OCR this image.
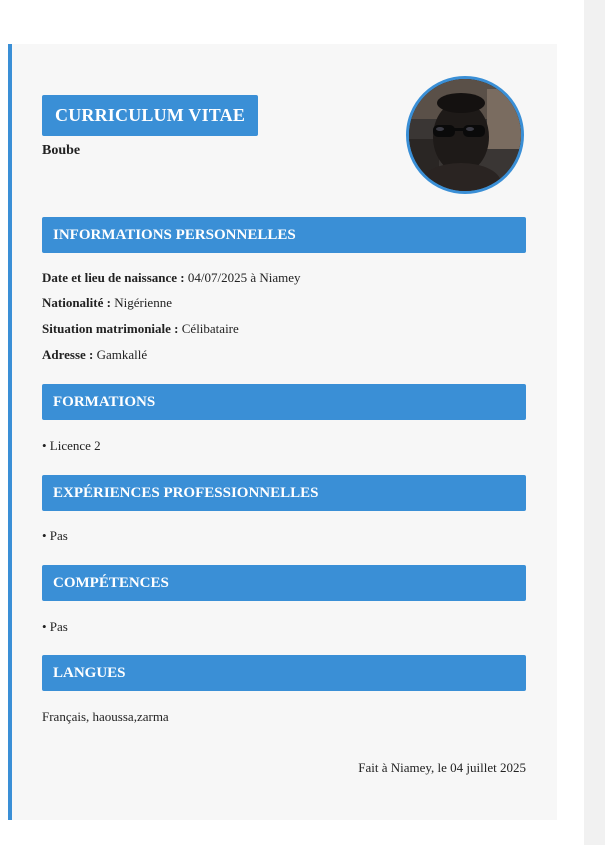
CURRICULUM VITAE
Boube
INFORMATIONS PERSONNELLES
Date et lieu de naissance : 04/07/2025 à Niamey
Nationalité : Nigérienne
Situation matrimoniale : Célibataire
Adresse : Gamkallé
FORMATIONS
• Licence 2
EXPÉRIENCES PROFESSIONNELLES
• Pas
COMPÉTENCES
• Pas
LANGUES
Français, haoussa,zarma
Fait à Niamey, le 04 juillet 2025
